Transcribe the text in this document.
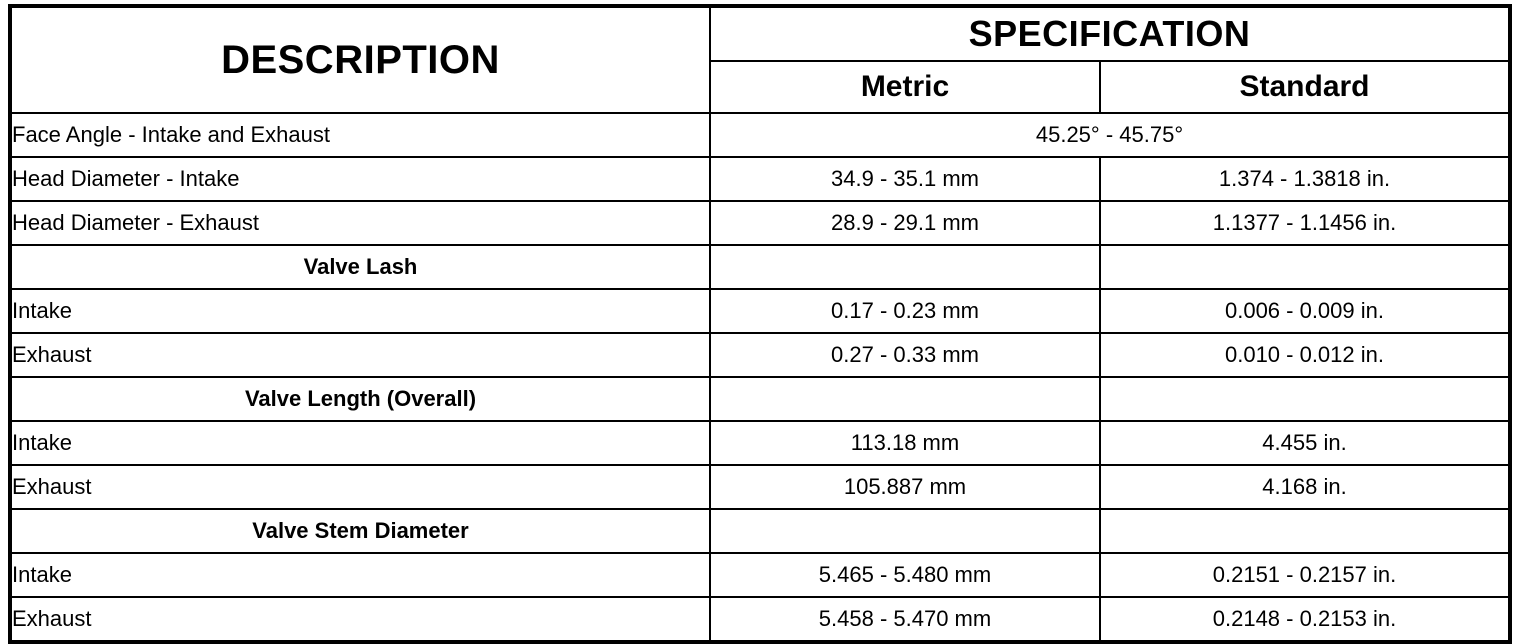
DESCRIPTION	SPECIFICATION	
	Metric	Standard
Face Angle - Intake and Exhaust	45.25° - 45.75°	
Head Diameter - Intake	34.9 - 35.1 mm	1.374 - 1.3818 in.
Head Diameter - Exhaust	28.9 - 29.1 mm	1.1377 - 1.1456 in.
Valve Lash		
Intake	0.17 - 0.23 mm	0.006 - 0.009 in.
Exhaust	0.27 - 0.33 mm	0.010 - 0.012 in.
Valve Length (Overall)		
Intake	113.18 mm	4.455 in.
Exhaust	105.887 mm	4.168 in.
Valve Stem Diameter		
Intake	5.465 - 5.480 mm	0.2151 - 0.2157 in.
Exhaust	5.458 - 5.470 mm	0.2148 - 0.2153 in.
